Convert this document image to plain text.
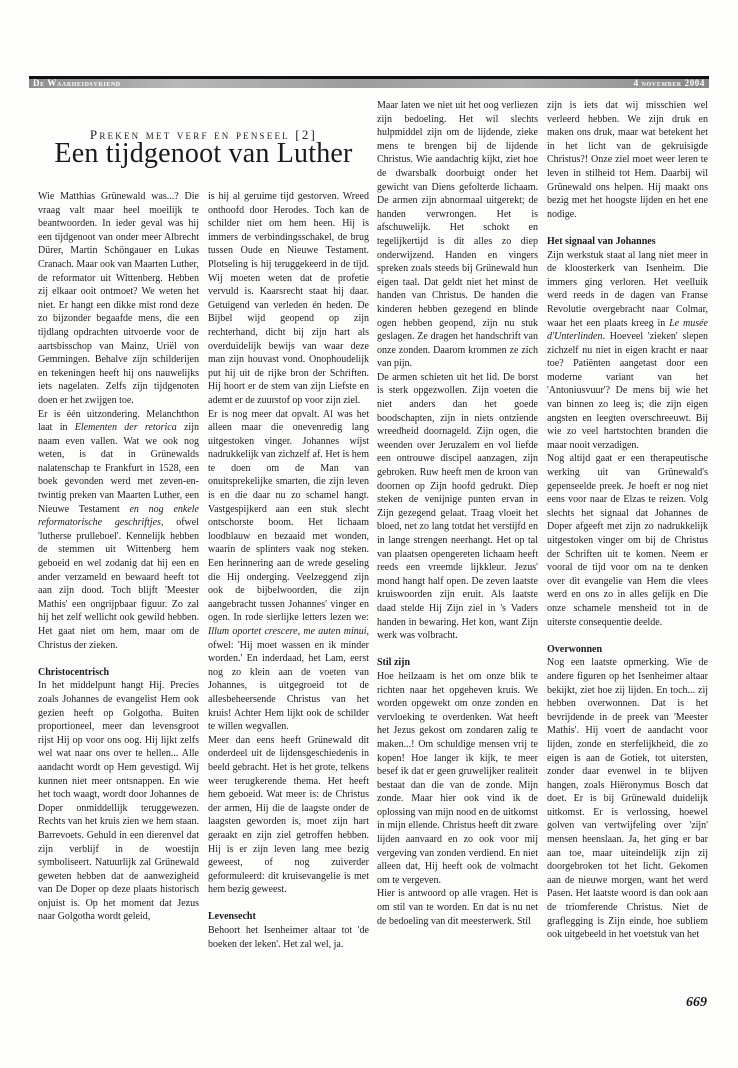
De Waarheidsvriend	4 november 2004
Preken met verf en penseel [2]
Een tijdgenoot van Luther

Wie Matthias Grünewald was...? Die vraag valt maar heel moeilijk te beantwoorden. In ieder geval was hij een tijdgenoot van onder meer Albrecht Dürer, Martin Schöngauer en Lukas Cranach. Maar ook van Maarten Luther, de reformator uit Wittenberg. Hebben zij elkaar ooit ontmoet? We weten het niet. Er hangt een dikke mist rond deze zo bijzonder begaafde mens, die een tijdlang opdrachten uitvoerde voor de aartsbisschop van Mainz, Uriël von Gemmingen. Behalve zijn schilderijen en tekeningen heeft hij ons nauwelijks iets nagelaten. Zelfs zijn tijdgenoten doen er het zwijgen toe.

Er is één uitzondering. Melanchthon laat in Elementen der retorica zijn naam even vallen. Wat we ook nog weten, is dat in Grünewalds nalatenschap te Frankfurt in 1528, een boek gevonden werd met zeven-en-twintig preken van Maarten Luther, een Nieuwe Testament en nog enkele reformatorische geschriftjes, ofwel 'lutherse prulleboel'. Kennelijk hebben de stemmen uit Wittenberg hem geboeid en wel zodanig dat hij een en ander verzameld en bewaard heeft tot aan zijn dood. Toch blijft 'Meester Mathis' een ongrijpbaar figuur. Zo zal hij het zelf wellicht ook gewild hebben. Het gaat niet om hem, maar om de Christus der zieken.

Christocentrisch

In het middelpunt hangt Hij. Precies zoals Johannes de evangelist Hem ook gezien heeft op Golgotha. Buiten proportioneel, meer dan levensgroot rijst Hij op voor ons oog. Hij lijkt zelfs wel wat naar ons over te hellen... Alle aandacht wordt op Hem gevestigd. Wij kunnen niet meer ontsnappen. En wie het toch waagt, wordt door Johannes de Doper onmiddellijk teruggewezen. Rechts van het kruis zien we hem staan. Barrevoets. Gehuld in een dierenvel dat zijn verblijf in de woestijn symboliseert. Natuurlijk zal Grünewald geweten hebben dat de aanwezigheid van De Doper op deze plaats historisch onjuist is. Op het moment dat Jezus naar Golgotha wordt geleid,

is hij al geruime tijd gestorven. Wreed onthoofd door Herodes. Toch kan de schilder niet om hem heen. Hij is immers de verbindingsschakel, de brug tussen Oude en Nieuwe Testament. Plotseling is hij teruggekeerd in de tijd. Wij moeten weten dat de profetie vervuld is. Kaarsrecht staat hij daar. Getuigend van verleden én heden. De Bijbel wijd geopend op zijn rechterhand, dicht bij zijn hart als overduidelijk bewijs van waar deze man zijn houvast vond. Onophoudelijk put hij uit de rijke bron der Schriften. Hij hoort er de stem van zijn Liefste en ademt er de zuurstof op voor zijn ziel.

Er is nog meer dat opvalt. Al was het alleen maar die onevenredig lang uitgestoken vinger. Johannes wijst nadrukkelijk van zichzelf af. Het is hem te doen om de Man van onuitsprekelijke smarten, die zijn leven is en die daar nu zo schamel hangt. Vastgespijkerd aan een stuk slecht ontschorste boom. Het lichaam loodblauw en bezaaid met wonden, waarin de splinters vaak nog steken. Een herinnering aan de wrede geseling die Hij onderging. Veelzeggend zijn ook de bijbelwoorden, die zijn aangebracht tussen Johannes' vinger en ogen. In rode sierlijke letters lezen we: Illum oportet crescere, me auten minui, ofwel: 'Hij moet wassen en ik minder worden.' En inderdaad, het Lam, eerst nog zo klein aan de voeten van Johannes, is uitgegroeid tot de allesbeheersende Christus van het kruis! Achter Hem lijkt ook de schilder te willen wegvallen.

Meer dan eens heeft Grünewald dit onderdeel uit de lijdensgeschiedenis in beeld gebracht. Het is het grote, telkens weer terugkerende thema. Het heeft hem geboeid. Wat meer is: de Christus der armen, Hij die de laagste onder de laagsten geworden is, moet zijn hart geraakt en zijn ziel getroffen hebben. Hij is er zijn leven lang mee bezig geweest, of nog zuiverder geformuleerd: dit kruisevangelie is met hem bezig geweest.

Levensecht

Behoort het Isenheimer altaar tot 'de boeken der leken'. Het zal wel, ja.

Maar laten we niet uit het oog verliezen zijn bedoeling. Het wil slechts hulpmiddel zijn om de lijdende, zieke mens te brengen bij de lijdende Christus. Wie aandachtig kijkt, ziet hoe de dwarsbalk doorbuigt onder het gewicht van Diens gefolterde lichaam. De armen zijn abnormaal uitgerekt; de handen verwrongen. Het is afschuwelijk. Het schokt en tegelijkertijd is dit alles zo diep onderwijzend. Handen en vingers spreken zoals steeds bij Grünewald hun eigen taal. Dat geldt niet het minst de handen van Christus. De handen die kinderen hebben gezegend en blinde ogen hebben geopend, zijn nu stuk geslagen. Ze dragen het handschrift van onze zonden. Daarom krommen ze zich van pijn.

De armen schieten uit het lid. De borst is sterk opgezwollen. Zijn voeten die niet anders dan het goede boodschapten, zijn in niets ontziende wreedheid doornageld. Zijn ogen, die weenden over Jeruzalem en vol liefde een ontrouwe discipel aanzagen, zijn gebroken. Ruw heeft men de kroon van doornen op Zijn hoofd gedrukt. Diep steken de venijnige punten ervan in Zijn gezegend gelaat. Traag vloeit het bloed, net zo lang totdat het verstijfd en in lange strengen neerhangt. Het op tal van plaatsen opengereten lichaam heeft reeds een vreemde lijkkleur. Jezus' mond hangt half open. De zeven laatste kruiswoorden zijn eruit. Als laatste daad stelde Hij Zijn ziel in 's Vaders handen in bewaring. Het kon, want Zijn werk was volbracht.

Stil zijn

Hoe heilzaam is het om onze blik te richten naar het opgeheven kruis. We worden opgewekt om onze zonden en vervloeking te overdenken. Wat heeft het Jezus gekost om zondaren zalig te maken...! Om schuldige mensen vrij te kopen! Hoe langer ik kijk, te meer besef ik dat er geen gruwelijker realiteit bestaat dan die van de zonde. Mijn zonde. Maar hier ook vind ik de oplossing van mijn nood en de uitkomst in mijn ellende. Christus heeft dit zware lijden aanvaard en zo ook voor mij vergeving van zonden verdiend. En niet alleen dat, Hij heeft ook de volmacht om te vergeven.

Hier is antwoord op alle vragen. Het is om stil van te worden. En dat is nu net de bedoeling van dit meesterwerk. Stil

zijn is iets dat wij misschien wel verleerd hebben. We zijn druk en maken ons druk, maar wat betekent het in het licht van de gekruisigde Christus?! Onze ziel moet weer leren te leven in stilheid tot Hem. Daarbij wil Grünewald ons helpen. Hij maakt ons bezig met het hoogste lijden en het ene nodige.

Het signaal van Johannes

Zijn werkstuk staat al lang niet meer in de kloosterkerk van Isenheim. Die immers ging verloren. Het veelluik werd reeds in de dagen van Franse Revolutie overgebracht naar Colmar, waar het een plaats kreeg in Le musée d'Unterlinden. Hoeveel 'zieken' slepen zichzelf nu niet in eigen kracht er naar toe? Patiënten aangetast door een moderne variant van het 'Antoniusvuur'? De mens bij wie het van binnen zo leeg is; die zijn eigen angsten en leegten overschreeuwt. Bij wie zo veel hartstochten branden die maar nooit verzadigen.

Nog altijd gaat er een therapeutische werking uit van Grünewald's gepenseelde preek. Je hoeft er nog niet eens voor naar de Elzas te reizen. Volg slechts het signaal dat Johannes de Doper afgeeft met zijn zo nadrukkelijk uitgestoken vinger om bij de Christus der Schriften uit te komen. Neem er vooral de tijd voor om na te denken over dit evangelie van Hem die vlees werd en ons zo in alles gelijk en Die onze schamele mensheid tot in de uiterste consequentie deelde.

Overwonnen

Nog een laatste opmerking. Wie de andere figuren op het Isenheimer altaar bekijkt, ziet hoe zij lijden. En toch... zij hebben overwonnen. Dat is het bevrijdende in de preek van 'Meester Mathis'. Hij voert de aandacht voor lijden, zonde en sterfelijkheid, die zo eigen is aan de Gotiek, tot uitersten, zonder daar evenwel in te blijven hangen, zoals Hiëronymus Bosch dat doet. Er is bij Grünewald duidelijk uitkomst. Er is verlossing, hoewel golven van vertwijfeling over 'zijn' mensen heenslaan. Ja, het ging er bar aan toe, maar uiteindelijk zijn zij doorgebroken tot het licht. Gekomen aan de nieuwe morgen, want het werd Pasen. Het laatste woord is dan ook aan de triomferende Christus. Niet de graflegging is Zijn einde, hoe subliem ook uitgebeeld in het voetstuk van het

669
